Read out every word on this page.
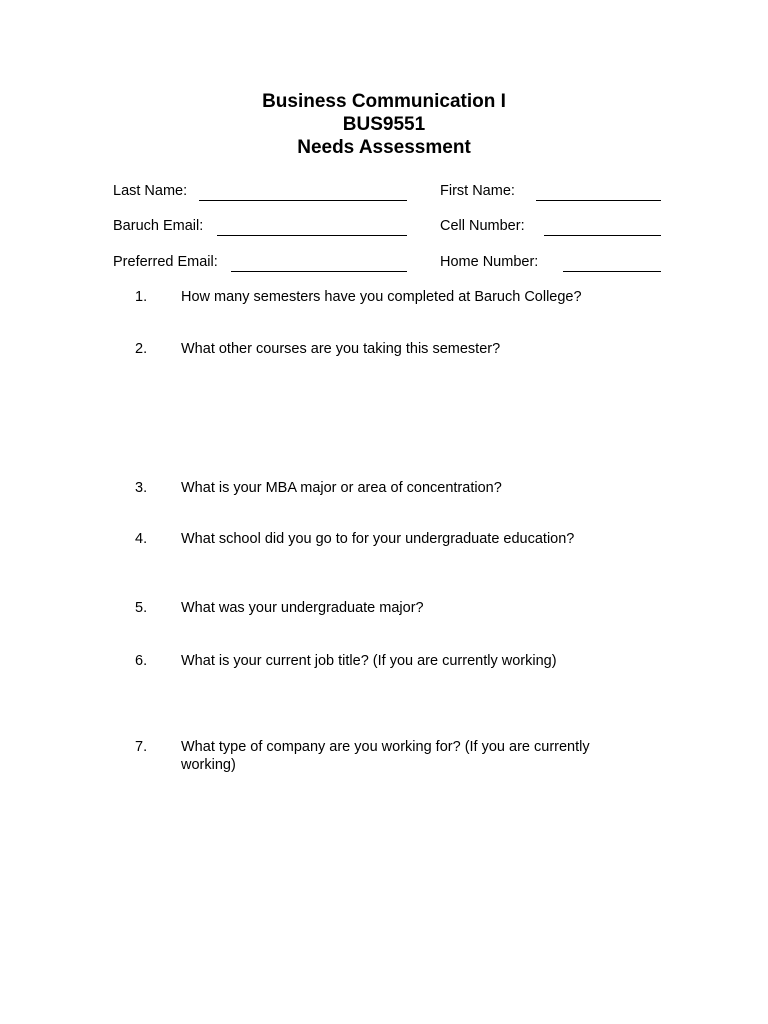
Business Communication I
BUS9551
Needs Assessment
Last Name:	First Name:
Baruch Email:	Cell Number:
Preferred Email:	Home Number:
1. How many semesters have you completed at Baruch College?
2. What other courses are you taking this semester?
3. What is your MBA major or area of concentration?
4. What school did you go to for your undergraduate education?
5. What was your undergraduate major?
6. What is your current job title? (If you are currently working)
7. What type of company are you working for? (If you are currently working)
